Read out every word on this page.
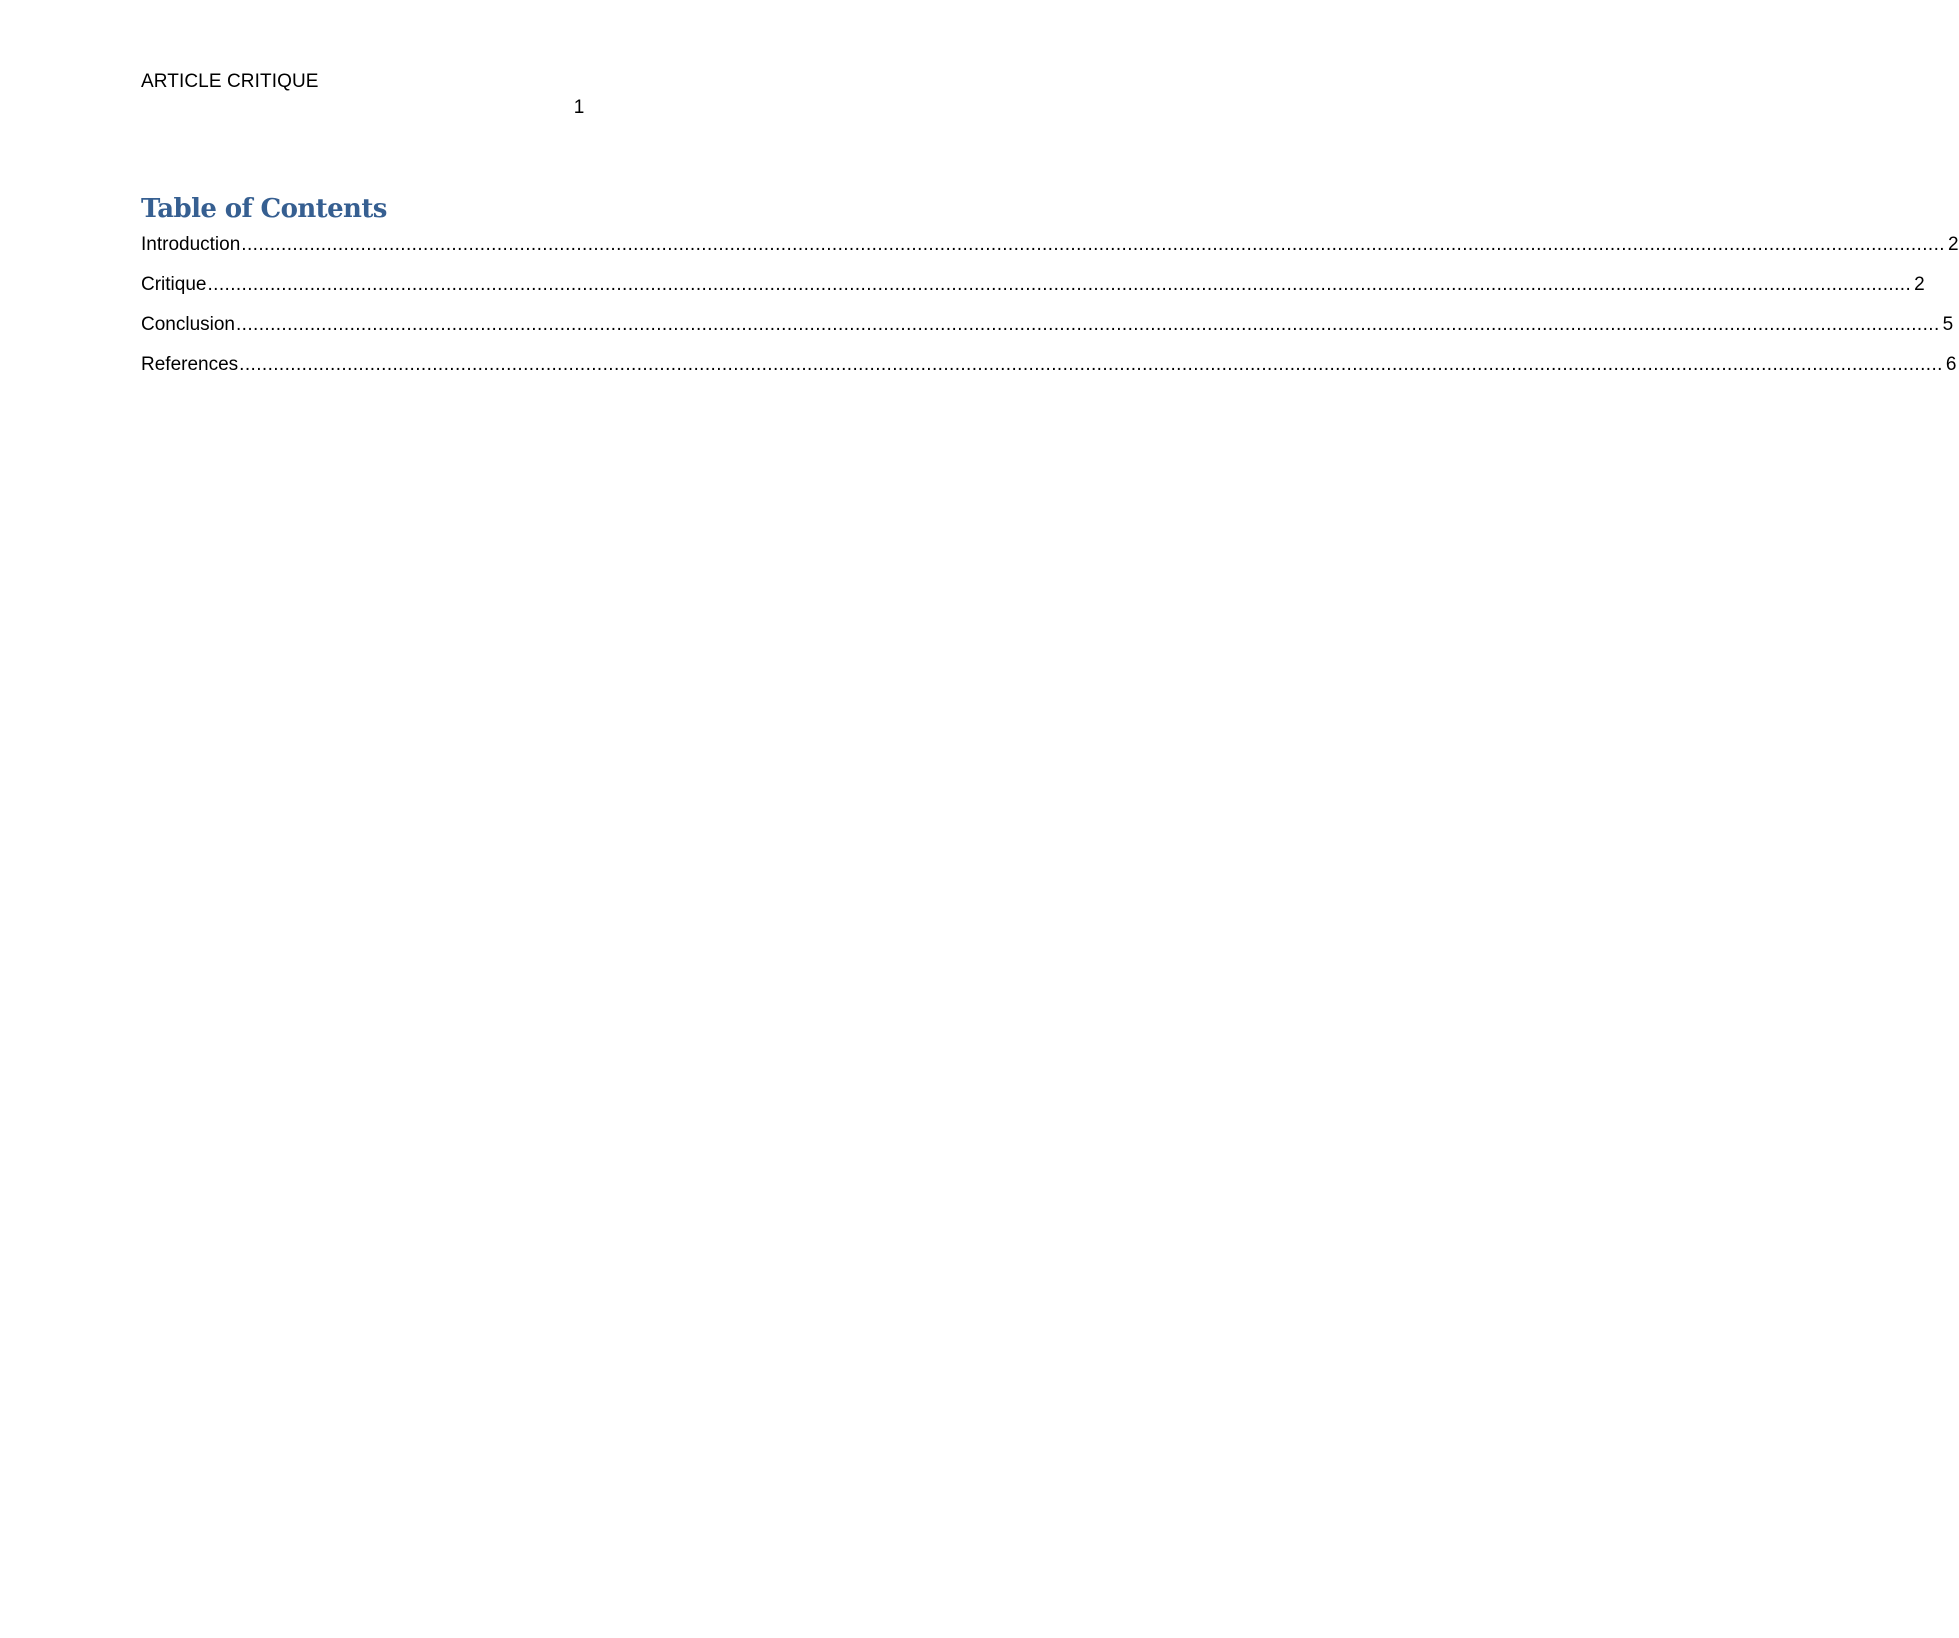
ARTICLE CRITIQUE
1
Table of Contents
Introduction ............................................................................................................................................................................................................................................................................................................ 2
Critique ............................................................................................................................................................................................................................................................................................................ 2
Conclusion ............................................................................................................................................................................................................................................................................................................ 5
References ............................................................................................................................................................................................................................................................................................................ 6
